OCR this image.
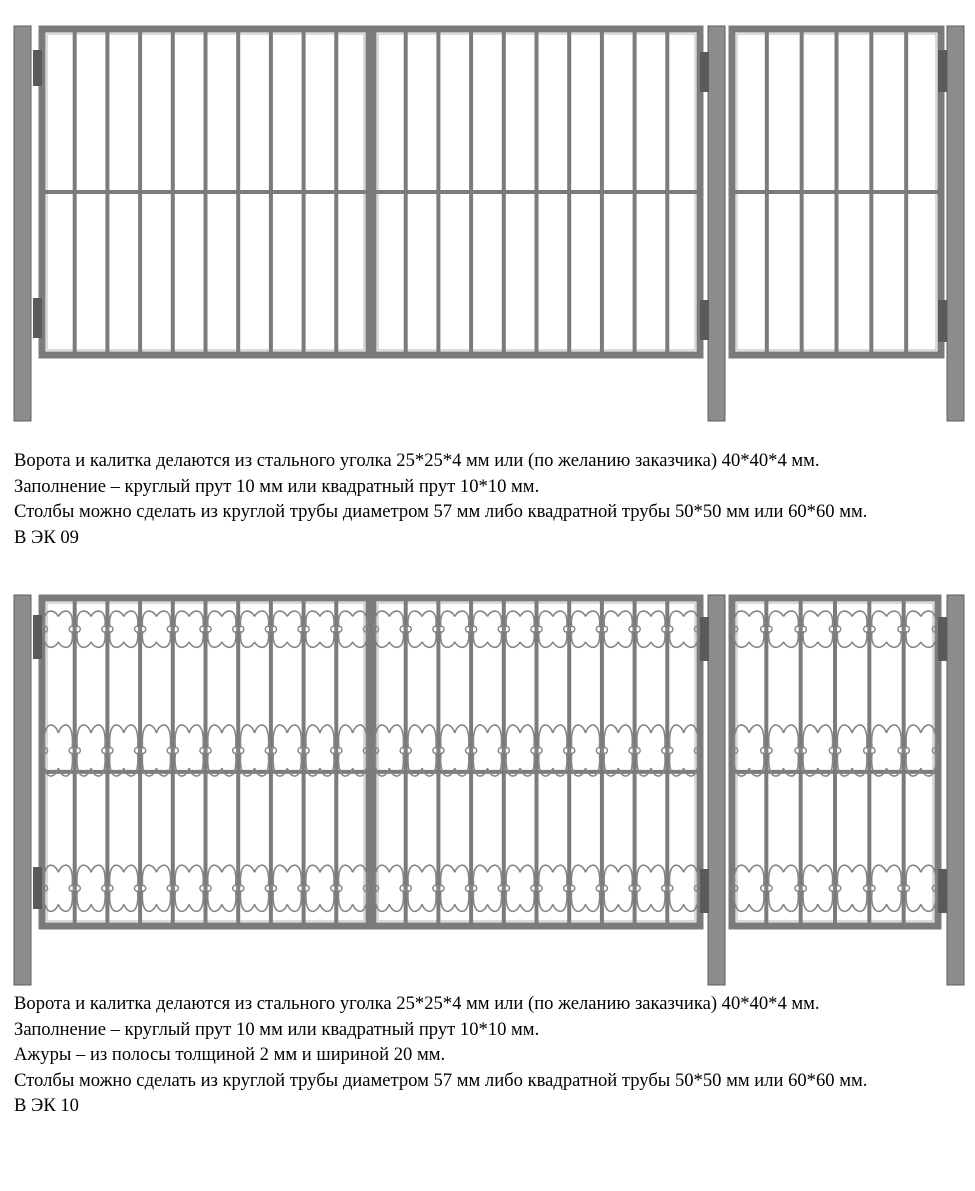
Ворота и калитка делаются из стального уголка 25*25*4 мм или (по желанию заказчика) 40*40*4 мм.

Заполнение – круглый прут 10 мм или квадратный прут 10*10 мм.

Столбы можно сделать из круглой трубы диаметром 57 мм либо квадратной трубы 50*50 мм или 60*60 мм.

В ЭК 09

Ворота и калитка делаются из стального уголка 25*25*4 мм или (по желанию заказчика) 40*40*4 мм.

Заполнение – круглый прут 10 мм или квадратный прут 10*10 мм.

Ажуры – из полосы толщиной 2 мм и шириной 20 мм.

Столбы можно сделать из круглой трубы диаметром 57 мм либо квадратной трубы 50*50 мм или 60*60 мм.

В ЭК 10
